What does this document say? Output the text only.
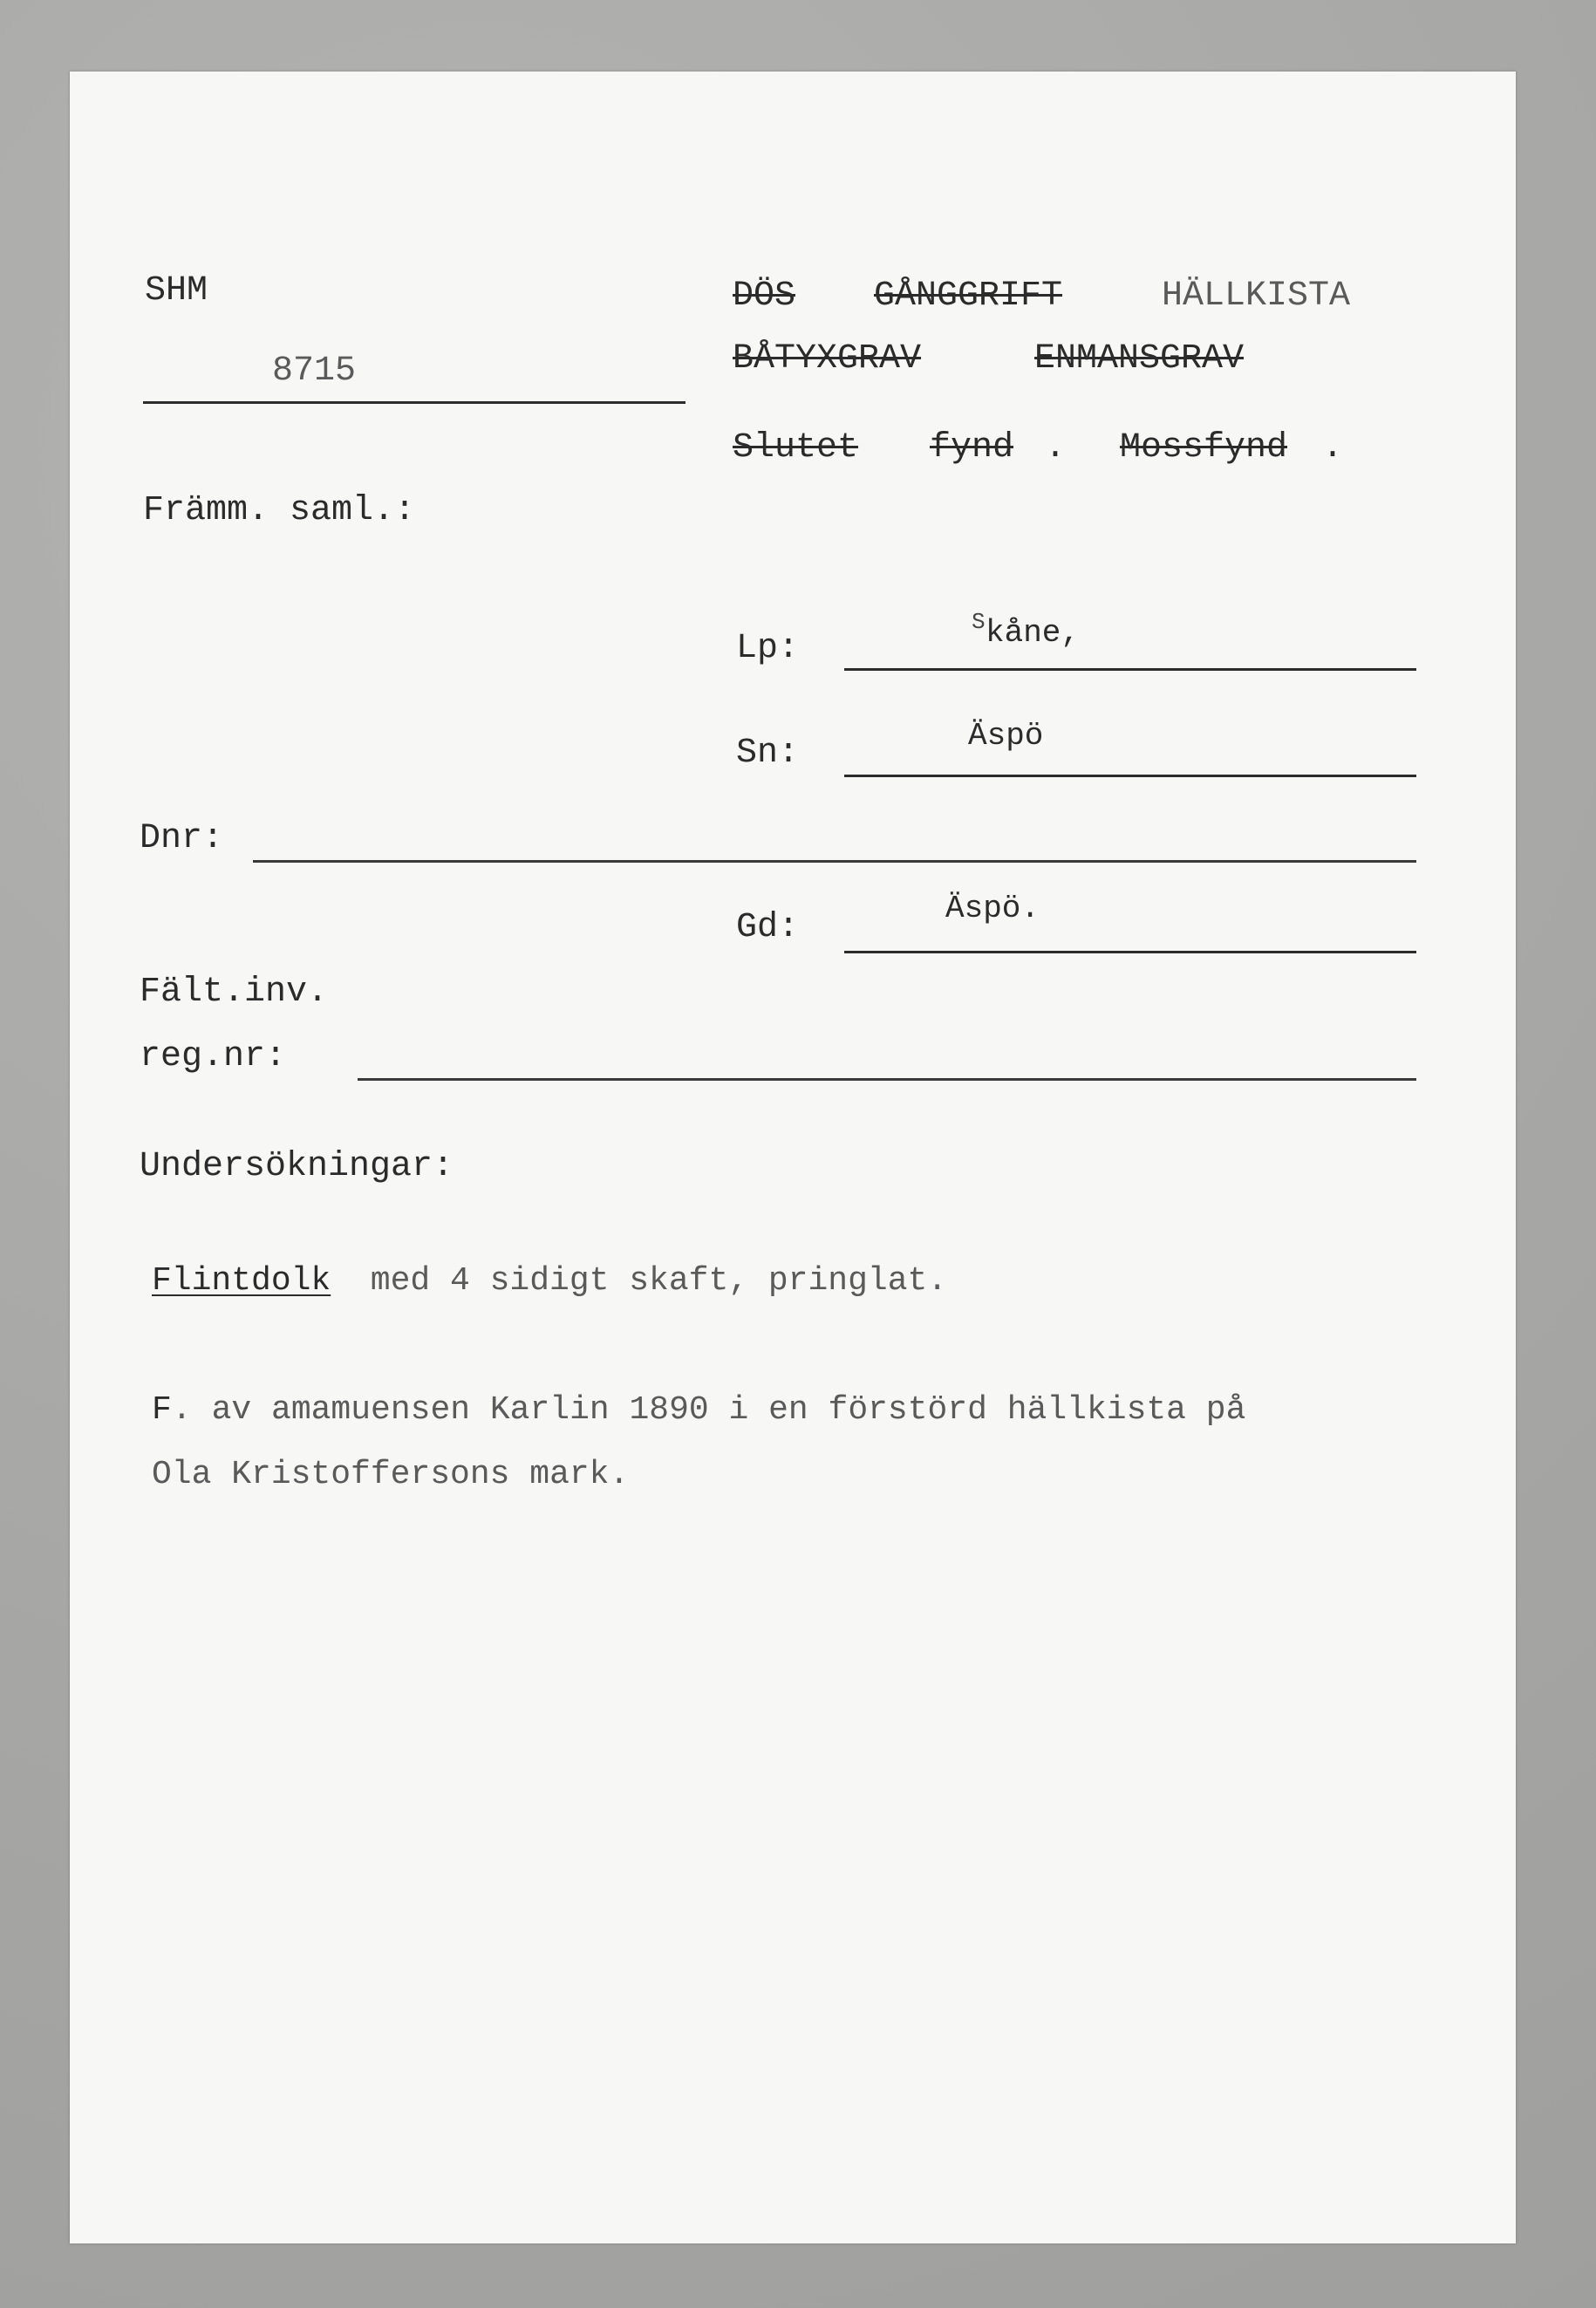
SHM
8715
DÖS GÅNGGRIFT	HÄLLKISTA
BÅTYXGRAV	ENMANSGRAV
Slutet fynd . Mossfynd .
Främm. saml.:
Lp:
S kåne,
Sn:	Äspö
Dnr:
Gd:	Äspö.
Fält.inv.
reg.nr:
Undersökningar:
Flintdolk med 4 sidigt skaft, pringlat.
F . av amamuensen Karlin 1890 i en förstörd hällkista på
Ola Kristoffersons mark.
